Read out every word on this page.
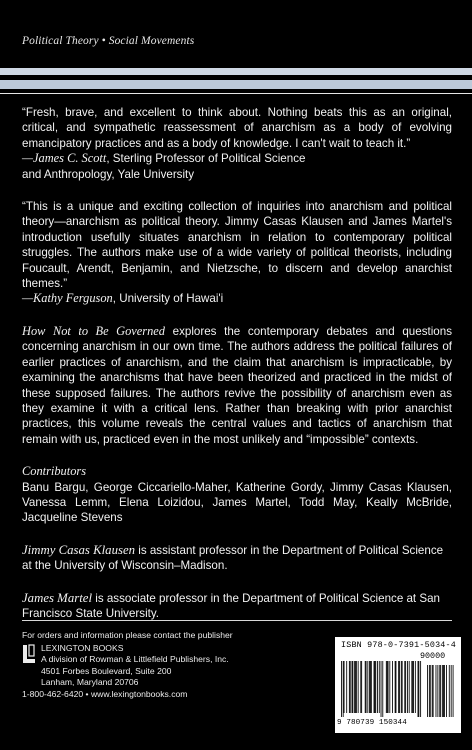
Political Theory • Social Movements

“Fresh, brave, and excellent to think about. Nothing beats this as an original, critical, and sympathetic reassessment of anarchism as a body of evolving emancipatory practices and as a body of knowledge. I can't wait to teach it.”

—James C. Scott, Sterling Professor of Political Science

and Anthropology, Yale University

“This is a unique and exciting collection of inquiries into anarchism and political theory—anarchism as political theory. Jimmy Casas Klausen and James Martel's introduction usefully situates anarchism in relation to contemporary political struggles. The authors make use of a wide variety of political theorists, including Foucault, Arendt, Benjamin, and Nietzsche, to discern and develop anarchist themes.”

—Kathy Ferguson, University of Hawai'i

How Not to Be Governed explores the contemporary debates and questions concerning anarchism in our own time. The authors address the political failures of earlier practices of anarchism, and the claim that anarchism is impracticable, by examining the anarchisms that have been theorized and practiced in the midst of these supposed failures. The authors revive the possibility of anarchism even as they examine it with a critical lens. Rather than breaking with prior anarchist practices, this volume reveals the central values and tactics of anarchism that remain with us, practiced even in the most unlikely and “impossible” contexts.

Contributors

Banu Bargu, George Ciccariello-Maher, Katherine Gordy, Jimmy Casas Klausen, Vanessa Lemm, Elena Loizidou, James Martel, Todd May, Keally McBride, Jacqueline Stevens

Jimmy Casas Klausen is assistant professor in the Department of Political Science at the University of Wisconsin–Madison.

James Martel is associate professor in the Department of Political Science at San Francisco State University.

For orders and information please contact the publisher
LEXINGTON BOOKS
A division of Rowman & Littlefield Publishers, Inc.
4501 Forbes Boulevard, Suite 200
Lanham, Maryland 20706
1-800-462-6420 • www.lexingtonbooks.com
ISBN 978-0-7391-5034-4
90000
9 780739 150344
